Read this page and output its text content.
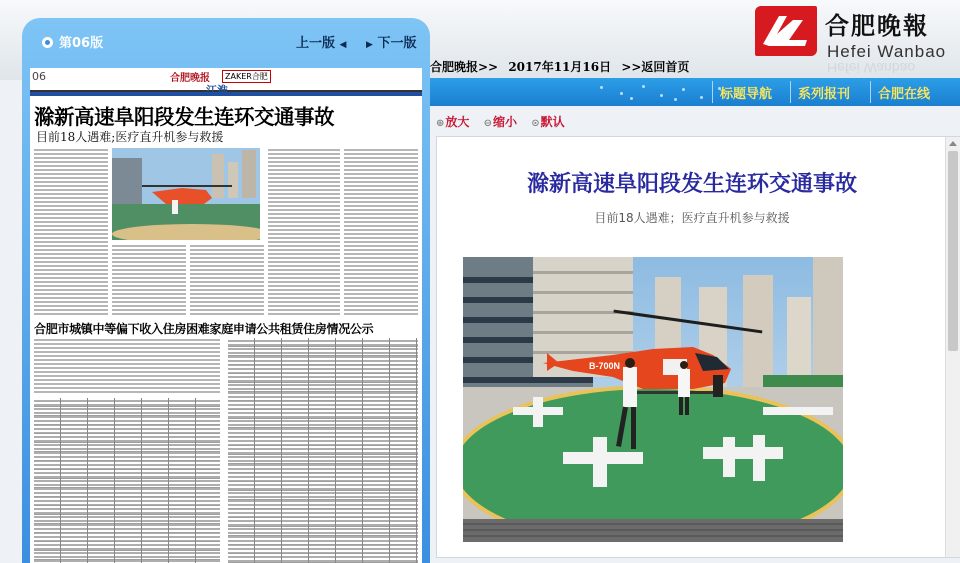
合肥晚報
Hefei Wanbao
Hefei Wanbao
合肥晚报>> 2017年11月16日 >>返回首页
标题导航 系列报刊 合肥在线
⊕放大 ⊖缩小 ⊙默认
第06版	上一版 ◀ ▶ 下一版
06	合肥晚报	ZAKER合肥
江淮
滁新高速阜阳段发生连环交通事故
目前18人遇难;医疗直升机参与救援
合肥市城镇中等偏下收入住房困难家庭申请公共租赁住房情况公示
滁新高速阜阳段发生连环交通事故
目前18人遇难；医疗直升机参与救援
B-700N
